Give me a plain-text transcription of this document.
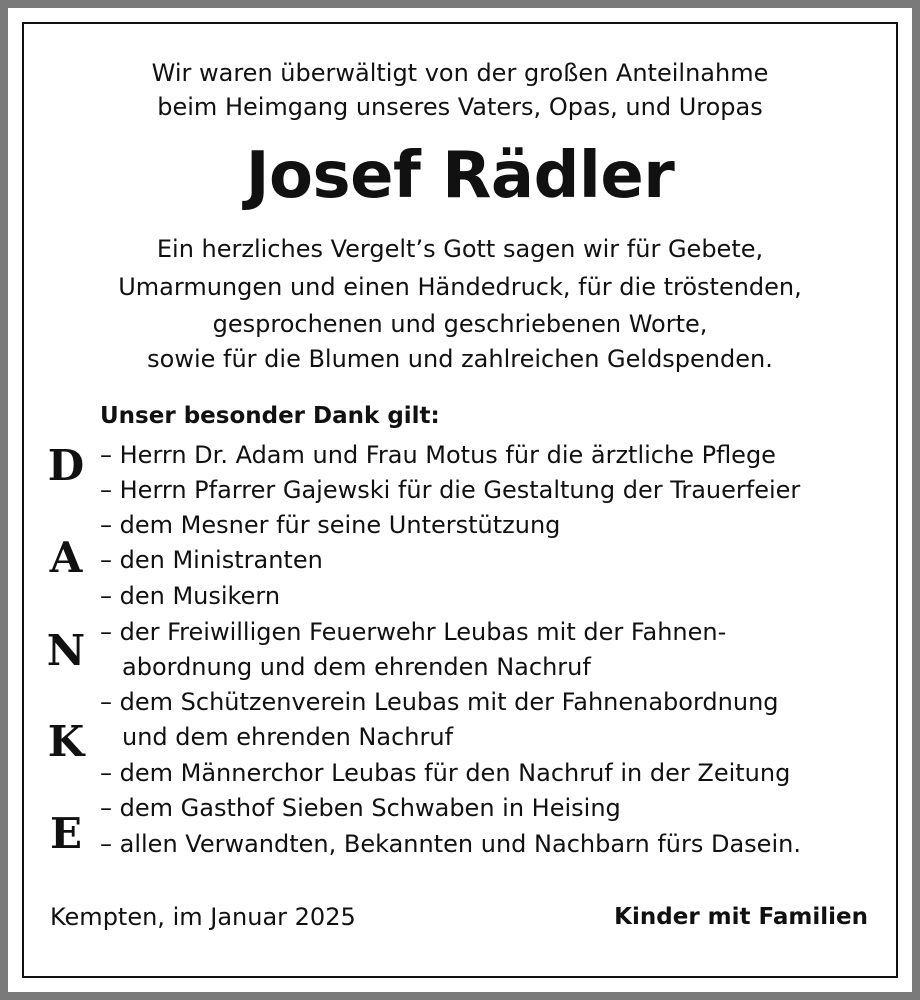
Wir waren überwältigt von der großen Anteilnahme
beim Heimgang unseres Vaters, Opas, und Uropas
Josef Rädler
Ein herzliches Vergelt’s Gott sagen wir für Gebete,
Umarmungen und einen Händedruck, für die tröstenden,
gesprochenen und geschriebenen Worte,
sowie für die Blumen und zahlreichen Geldspenden.
Unser besonder Dank gilt:
– Herrn Dr. Adam und Frau Motus für die ärztliche Pflege
– Herrn Pfarrer Gajewski für die Gestaltung der Trauerfeier
– dem Mesner für seine Unterstützung
– den Ministranten
– den Musikern
– der Freiwilligen Feuerwehr Leubas mit der Fahnen-
abordnung und dem ehrenden Nachruf
– dem Schützenverein Leubas mit der Fahnenabordnung
und dem ehrenden Nachruf
– dem Männerchor Leubas für den Nachruf in der Zeitung
– dem Gasthof Sieben Schwaben in Heising
– allen Verwandten, Bekannten und Nachbarn fürs Dasein.
D
A
N
K
E
Kempten, im Januar 2025	Kinder mit Familien
